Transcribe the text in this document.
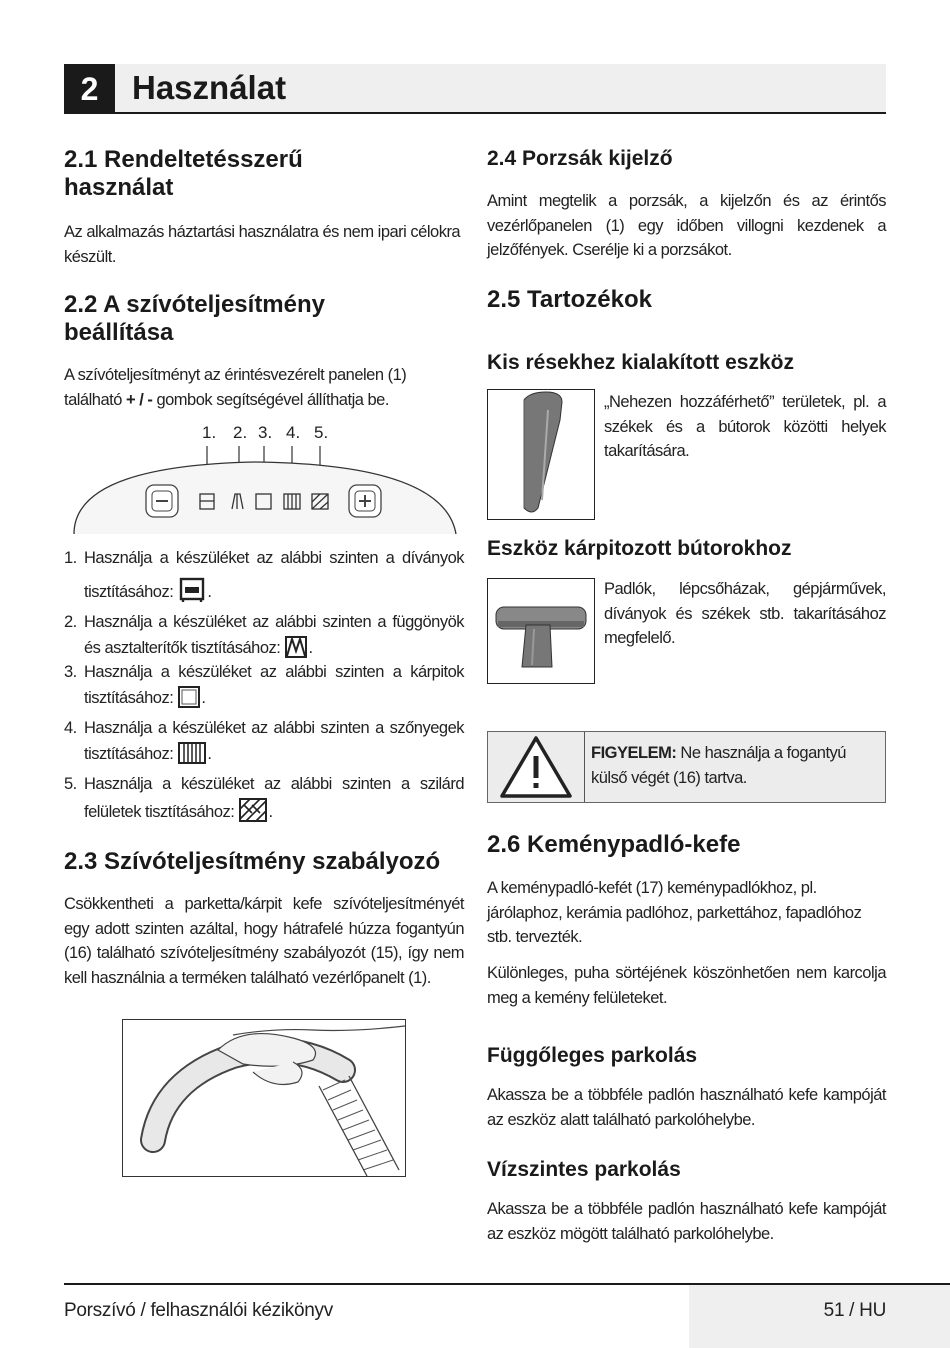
2	Használat
2.1 Rendeltetésszerű
használat

Az alkalmazás háztartási használatra és nem ipari célokra készült.

2.2 A szívóteljesítmény
beállítása

A szívóteljesítményt az érintésvezérelt panelen (1) található + / - gombok segítségével állíthatja be.

1. 2. 3. 4. 5.
1. Használja a készüléket az alábbi szinten a díványok tisztításához: .
2. Használja a készüléket az alábbi szinten a függönyök és asztalterítők tisztításához: .
3. Használja a készüléket az alábbi szinten a kárpitok tisztításához: .
4. Használja a készüléket az alábbi szinten a szőnyegek tisztításához: .
5. Használja a készüléket az alábbi szinten a szilárd felületek tisztításához: .
2.3 Szívóteljesítmény szabályozó

Csökkentheti a parketta/kárpit kefe szívóteljesítményét egy adott szinten azáltal, hogy hátrafelé húzza fogantyún (16) található szívóteljesítmény szabályozót (15), így nem kell használnia a terméken található vezérlőpanelt (1).

2.4 Porzsák kijelző

Amint megtelik a porzsák, a kijelzőn és az érintős vezérlőpanelen (1) egy időben villogni kezdenek a jelzőfények. Cserélje ki a porzsákot.

2.5 Tartozékok
Kis résekhez kialakított eszköz

„Nehezen hozzáférhető” területek, pl. a székek és a bútorok közötti helyek takarítására.

Eszköz kárpitozott bútorokhoz

Padlók, lépcsőházak, gépjárművek, díványok és székek stb. takarításához megfelelő.

FIGYELEM: Ne használja a fogantyú külső végét (16) tartva.

2.6 Keménypadló-kefe

A keménypadló-kefét (17) keménypadlókhoz, pl. járólaphoz, kerámia padlóhoz, parkettához, fapadlóhoz stb. tervezték.

Különleges, puha sörtéjének köszönhetően nem karcolja meg a kemény felületeket.

Függőleges parkolás

Akassza be a többféle padlón használható kefe kampóját az eszköz alatt található parkolóhelybe.

Vízszintes parkolás

Akassza be a többféle padlón használható kefe kampóját az eszköz mögött található parkolóhelybe.

Porszívó / felhasználói kézikönyv	51 / HU
